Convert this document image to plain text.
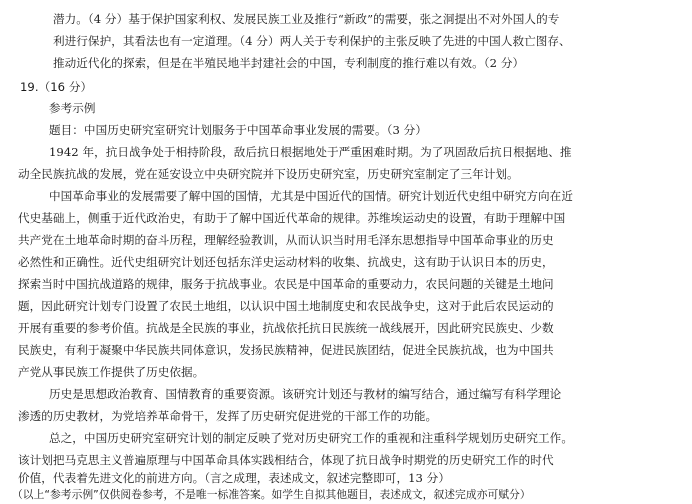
潜力。（4 分）基于保护国家利权、发展民族工业及推行“新政”的需要，张之洞提出不对外国人的专
利进行保护，其看法也有一定道理。（4 分）两人关于专利保护的主张反映了先进的中国人救亡图存、
推动近代化的探索，但是在半殖民地半封建社会的中国，专利制度的推行难以有效。（2 分）
19.（16 分）
参考示例
题目：中国历史研究室研究计划服务于中国革命事业发展的需要。（3 分）
1942 年，抗日战争处于相持阶段，敌后抗日根据地处于严重困难时期。为了巩固敌后抗日根据地、推
动全民族抗战的发展，党在延安设立中央研究院并下设历史研究室，历史研究室制定了三年计划。
中国革命事业的发展需要了解中国的国情，尤其是中国近代的国情。研究计划近代史组中研究方向在近
代史基础上，侧重于近代政治史，有助于了解中国近代革命的规律。苏维埃运动史的设置，有助于理解中国
共产党在土地革命时期的奋斗历程，理解经验教训，从而认识当时用毛泽东思想指导中国革命事业的历史
必然性和正确性。近代史组研究计划还包括东洋史运动材料的收集、抗战史，这有助于认识日本的历史，
探索当时中国抗战道路的规律，服务于抗战事业。农民是中国革命的重要动力，农民问题的关键是土地问
题，因此研究计划专门设置了农民土地组，以认识中国土地制度史和农民战争史，这对于此后农民运动的
开展有重要的参考价值。抗战是全民族的事业，抗战依托抗日民族统一战线展开，因此研究民族史、少数
民族史，有利于凝聚中华民族共同体意识，发扬民族精神，促进民族团结，促进全民族抗战，也为中国共
产党从事民族工作提供了历史依据。
历史是思想政治教育、国情教育的重要资源。该研究计划还与教材的编写结合，通过编写有科学理论
渗透的历史教材，为党培养革命骨干，发挥了历史研究促进党的干部工作的功能。
总之，中国历史研究室研究计划的制定反映了党对历史研究工作的重视和注重科学规划历史研究工作。
该计划把马克思主义普遍原理与中国革命具体实践相结合，体现了抗日战争时期党的历史研究工作的时代
价值，代表着先进文化的前进方向。（言之成理，表述成文，叙述完整即可，13 分）
（以上“参考示例”仅供阅卷参考，不是唯一标准答案。如学生自拟其他题目，表述成文，叙述完成亦可赋分）
